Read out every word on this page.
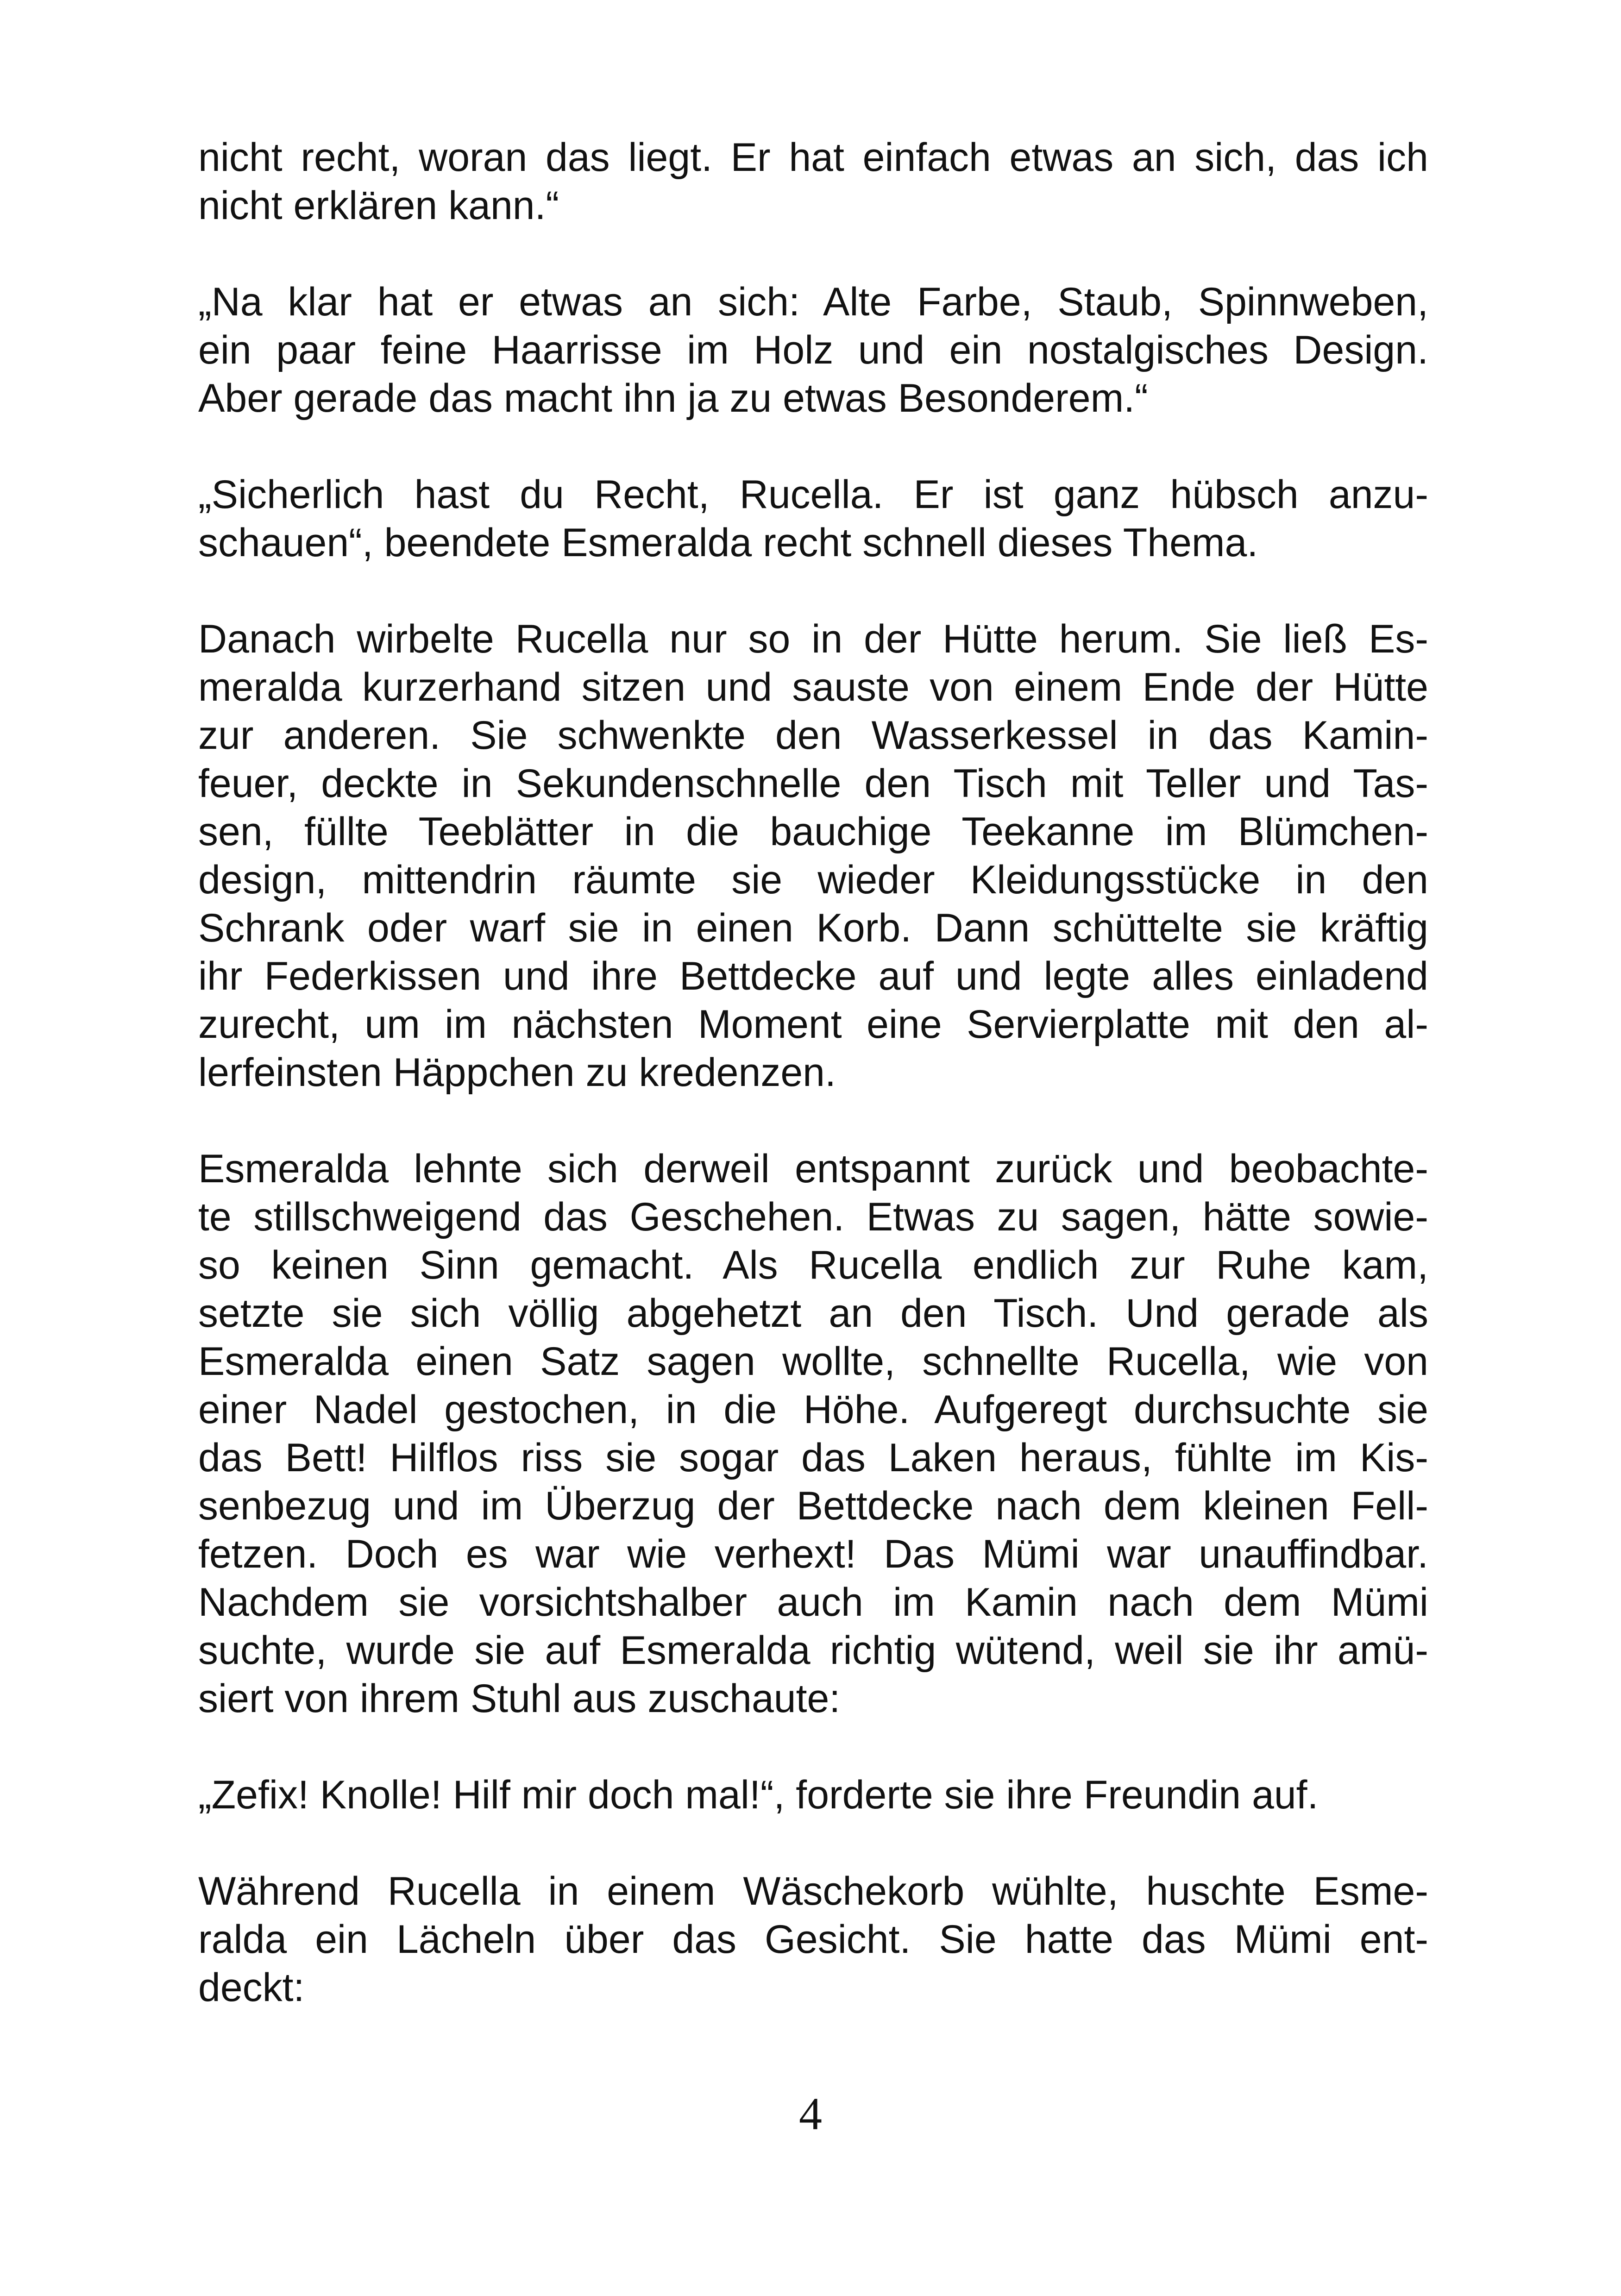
nicht recht, woran das liegt. Er hat einfach etwas an sich, das ich
nicht erklären kann.“

„Na klar hat er etwas an sich: Alte Farbe, Staub, Spinnweben,
ein paar feine Haarrisse im Holz und ein nostalgisches Design.
Aber gerade das macht ihn ja zu etwas Besonderem.“

„Sicherlich hast du Recht, Rucella. Er ist ganz hübsch anzu-
schauen“, beendete Esmeralda recht schnell dieses Thema.

Danach wirbelte Rucella nur so in der Hütte herum. Sie ließ Es-
meralda kurzerhand sitzen und sauste von einem Ende der Hütte
zur anderen. Sie schwenkte den Wasserkessel in das Kamin-
feuer, deckte in Sekundenschnelle den Tisch mit Teller und Tas-
sen, füllte Teeblätter in die bauchige Teekanne im Blümchen-
design, mittendrin räumte sie wieder Kleidungsstücke in den
Schrank oder warf sie in einen Korb. Dann schüttelte sie kräftig
ihr Federkissen und ihre Bettdecke auf und legte alles einladend
zurecht, um im nächsten Moment eine Servierplatte mit den al-
lerfeinsten Häppchen zu kredenzen.

Esmeralda lehnte sich derweil entspannt zurück und beobachte-
te stillschweigend das Geschehen. Etwas zu sagen, hätte sowie-
so keinen Sinn gemacht. Als Rucella endlich zur Ruhe kam,
setzte sie sich völlig abgehetzt an den Tisch. Und gerade als
Esmeralda einen Satz sagen wollte, schnellte Rucella, wie von
einer Nadel gestochen, in die Höhe. Aufgeregt durchsuchte sie
das Bett! Hilflos riss sie sogar das Laken heraus, fühlte im Kis-
senbezug und im Überzug der Bettdecke nach dem kleinen Fell-
fetzen. Doch es war wie verhext! Das Mümi war unauffindbar.
Nachdem sie vorsichtshalber auch im Kamin nach dem Mümi
suchte, wurde sie auf Esmeralda richtig wütend, weil sie ihr amü-
siert von ihrem Stuhl aus zuschaute:

„Zefix! Knolle! Hilf mir doch mal!“, forderte sie ihre Freundin auf.

Während Rucella in einem Wäschekorb wühlte, huschte Esme-
ralda ein Lächeln über das Gesicht. Sie hatte das Mümi ent-
deckt:

4
